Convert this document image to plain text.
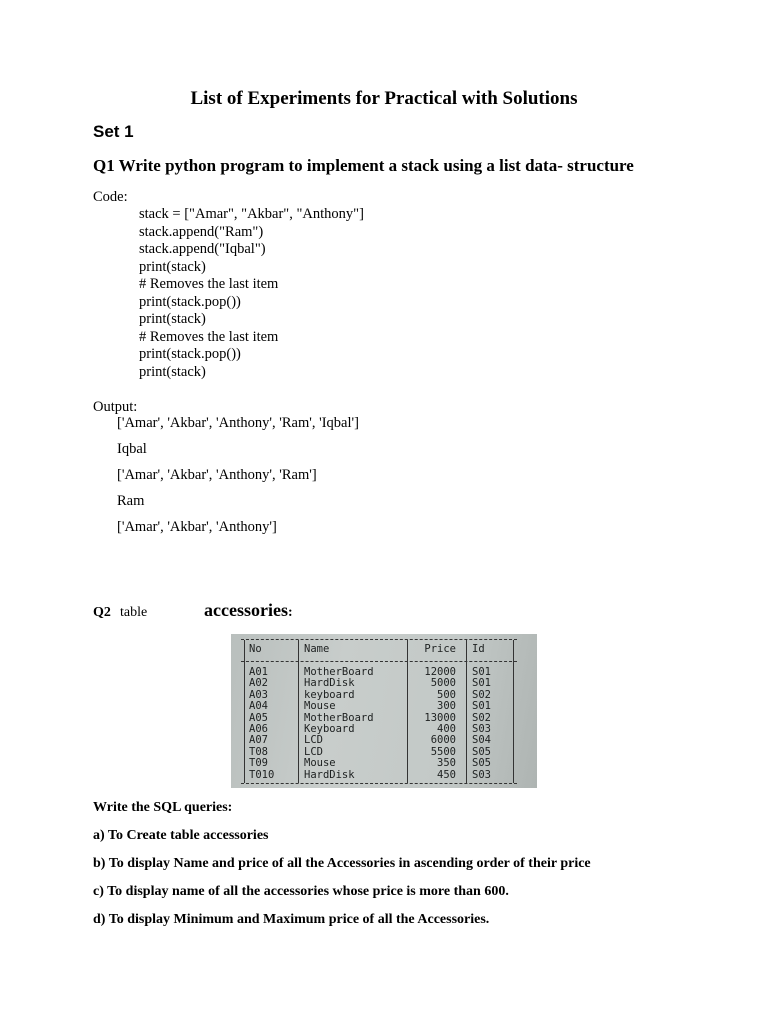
List of Experiments for Practical with Solutions
Set 1
Q1 Write python program to implement a stack using a list data- structure
Code:
stack = ["Amar", "Akbar", "Anthony"]
stack.append("Ram")
stack.append("Iqbal")
print(stack)
# Removes the last item
print(stack.pop())
print(stack)
# Removes the last item
print(stack.pop())
print(stack)
Output:
['Amar', 'Akbar', 'Anthony', 'Ram', 'Iqbal']
Iqbal
['Amar', 'Akbar', 'Anthony', 'Ram']
Ram
['Amar', 'Akbar', 'Anthony']
Q2 table	accessories:
No	Name	Price Id
A01	MotherBoard	12000 S01
A02	HardDisk	5000 S01
A03	keyboard	500 S02
A04	Mouse	300 S01
A05	MotherBoard	13000 S02
A06	Keyboard	400 S03
A07	LCD	6000 S04
T08	LCD	5500 S05
T09	Mouse	350 S05
T010	HardDisk	450 S03
Write the SQL queries:
a) To Create table accessories
b) To display Name and price of all the Accessories in ascending order of their price
c) To display name of all the accessories whose price is more than 600.
d) To display Minimum and Maximum price of all the Accessories.
